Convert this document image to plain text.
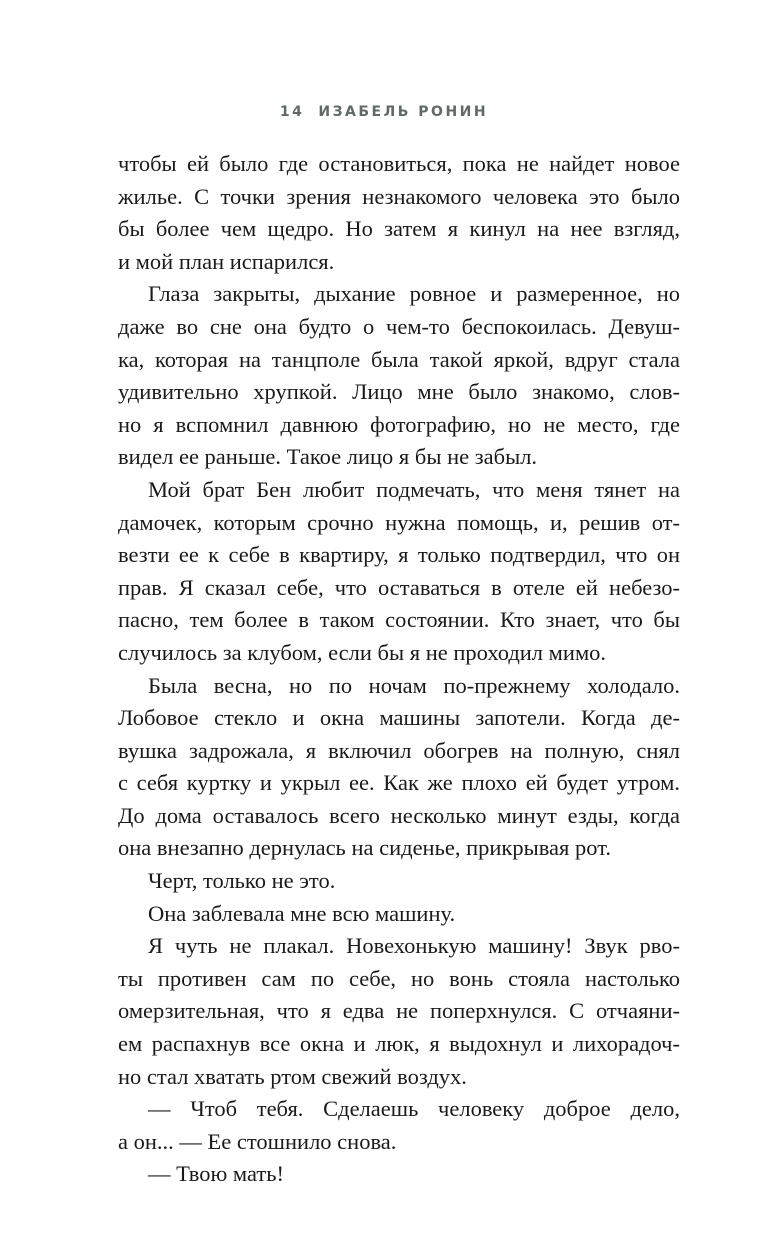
14 ИЗАБЕЛЬ РОНИН
чтобы ей было где остановиться, пока не найдет новое
жилье. С точки зрения незнакомого человека это было
бы более чем щедро. Но затем я кинул на нее взгляд,
и мой план испарился.
Глаза закрыты, дыхание ровное и размеренное, но
даже во сне она будто о чем-то беспокоилась. Девуш-
ка, которая на танцполе была такой яркой, вдруг стала
удивительно хрупкой. Лицо мне было знакомо, слов-
но я вспомнил давнюю фотографию, но не место, где
видел ее раньше. Такое лицо я бы не забыл.
Мой брат Бен любит подмечать, что меня тянет на
дамочек, которым срочно нужна помощь, и, решив от-
везти ее к себе в квартиру, я только подтвердил, что он
прав. Я сказал себе, что оставаться в отеле ей небезо-
пасно, тем более в таком состоянии. Кто знает, что бы
случилось за клубом, если бы я не проходил мимо.
Была весна, но по ночам по-прежнему холодало.
Лобовое стекло и окна машины запотели. Когда де-
вушка задрожала, я включил обогрев на полную, снял
с себя куртку и укрыл ее. Как же плохо ей будет утром.
До дома оставалось всего несколько минут езды, когда
она внезапно дернулась на сиденье, прикрывая рот.
Черт, только не это.
Она заблевала мне всю машину.
Я чуть не плакал. Новехонькую машину! Звук рво-
ты противен сам по себе, но вонь стояла настолько
омерзительная, что я едва не поперхнулся. С отчаяни-
ем распахнув все окна и люк, я выдохнул и лихорадоч-
но стал хватать ртом свежий воздух.
— Чтоб тебя. Сделаешь человеку доброе дело,
а он... — Ее стошнило снова.
— Твою мать!
